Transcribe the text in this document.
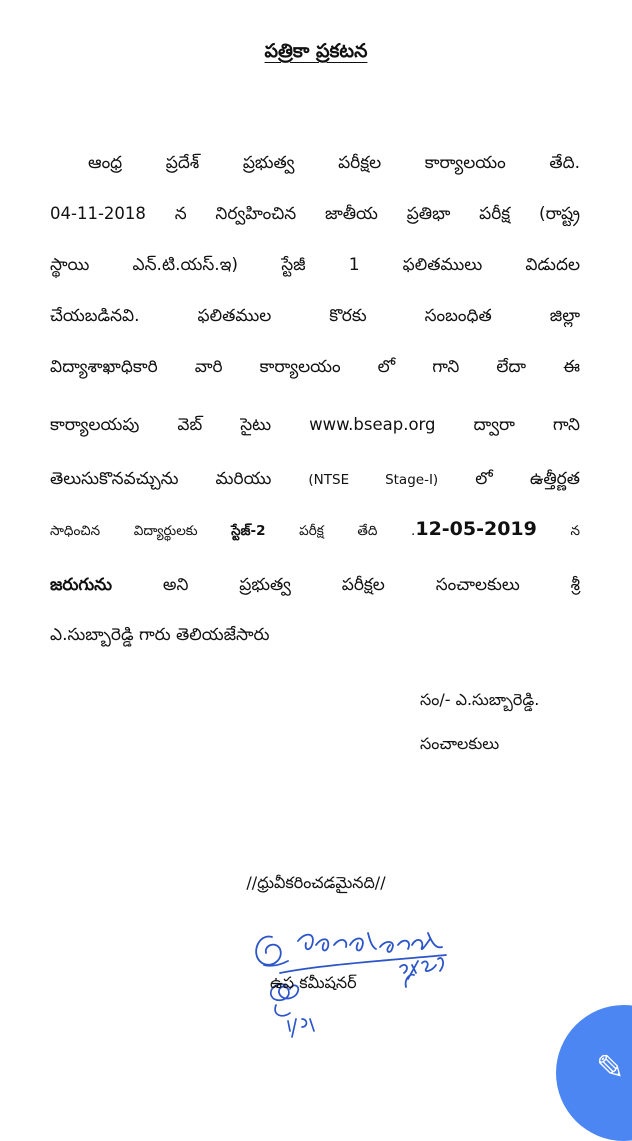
పత్రికా ప్రకటన
ఆంధ్ర ప్రదేశ్ ప్రభుత్వ పరీక్షల కార్యాలయం తేది.
04-11-2018 న నిర్వహించిన జాతీయ ప్రతిభా పరీక్ష (రాష్ట్ర
స్థాయి ఎన్.టి.యస్.ఇ) స్టేజీ 1 ఫలితములు విడుదల
చేయబడినవి. ఫలితముల కొరకు సంబంధిత జిల్లా
విద్యాశాఖాధికారి వారి కార్యాలయం లో గాని లేదా ఈ
కార్యాలయపు వెబ్ సైటు www.bseap.org ద్వారా గాని
తెలుసుకొనవచ్చును మరియు (NTSE Stage-I) లో ఉత్తీర్ణత
సాధించిన విద్యార్థులకు స్టేజ్-2 పరీక్ష తేది .12-05-2019 న
జరుగును అని ప్రభుత్వ పరీక్షల సంచాలకులు శ్రీ
ఎ.సుబ్బారెడ్డి గారు తెలియజేసారు
సం/- ఎ.సుబ్బారెడ్డి.
సంచాలకులు
//ధ్రువీకరించడమైనది//
ఉప కమీషనర్
✎
